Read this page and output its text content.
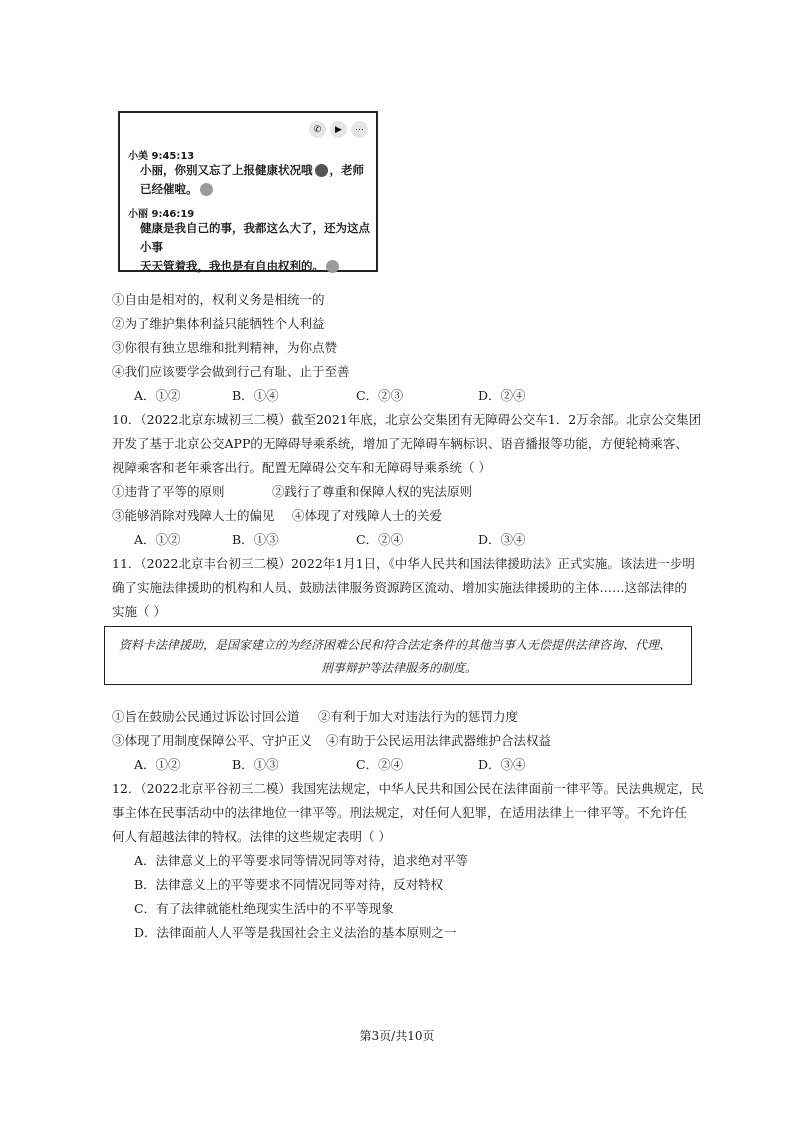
✆	▶	⋯
小美 9:45:13
小丽，你别又忘了上报健康状况哦 ，老师
已经催啦。
小丽 9:46:19
健康是我自己的事，我都这么大了，还为这点小事
天天管着我，我也是有自由权利的。
①自由是相对的，权利义务是相统一的
②为了维护集体利益只能牺牲个人利益
③你很有独立思维和批判精神，为你点赞
④我们应该要学会做到行己有耻、止于至善
A．①②	B．①④	C．②③	D．②④
10．（2022北京东城初三二模）截至2021年底，北京公交集团有无障碍公交车1．2万余部。北京公交集团
开发了基于北京公交APP的无障碍导乘系统，增加了无障碍车辆标识、语音播报等功能，方便轮椅乘客、
视障乘客和老年乘客出行。配置无障碍公交车和无障碍导乘系统（ ）
①违背了平等的原则	②践行了尊重和保障人权的宪法原则
③能够消除对残障人士的偏见 ④体现了对残障人士的关爱
A．①②	B．①③	C．②④	D．③④
11．（2022北京丰台初三二模）2022年1月1日，《中华人民共和国法律援助法》正式实施。该法进一步明
确了实施法律援助的机构和人员、鼓励法律服务资源跨区流动、增加实施法律援助的主体……这部法律的
实施（ ）

资料卡法律援助，是国家建立的为经济困难公民和符合法定条件的其他当事人无偿提供法律咨询、代理、

刑事辩护等法律服务的制度。

①旨在鼓励公民通过诉讼讨回公道 ②有利于加大对违法行为的惩罚力度
③体现了用制度保障公平、守护正义 ④有助于公民运用法律武器维护合法权益
A．①②	B．①③	C．②④	D．③④
12．（2022北京平谷初三二模）我国宪法规定，中华人民共和国公民在法律面前一律平等。民法典规定，民
事主体在民事活动中的法律地位一律平等。刑法规定，对任何人犯罪，在适用法律上一律平等。不允许任
何人有超越法律的特权。法律的这些规定表明（ ）
A．法律意义上的平等要求同等情况同等对待，追求绝对平等
B．法律意义上的平等要求不同情况同等对待，反对特权
C．有了法律就能杜绝现实生活中的不平等现象
D．法律面前人人平等是我国社会主义法治的基本原则之一
第3页/共10页
